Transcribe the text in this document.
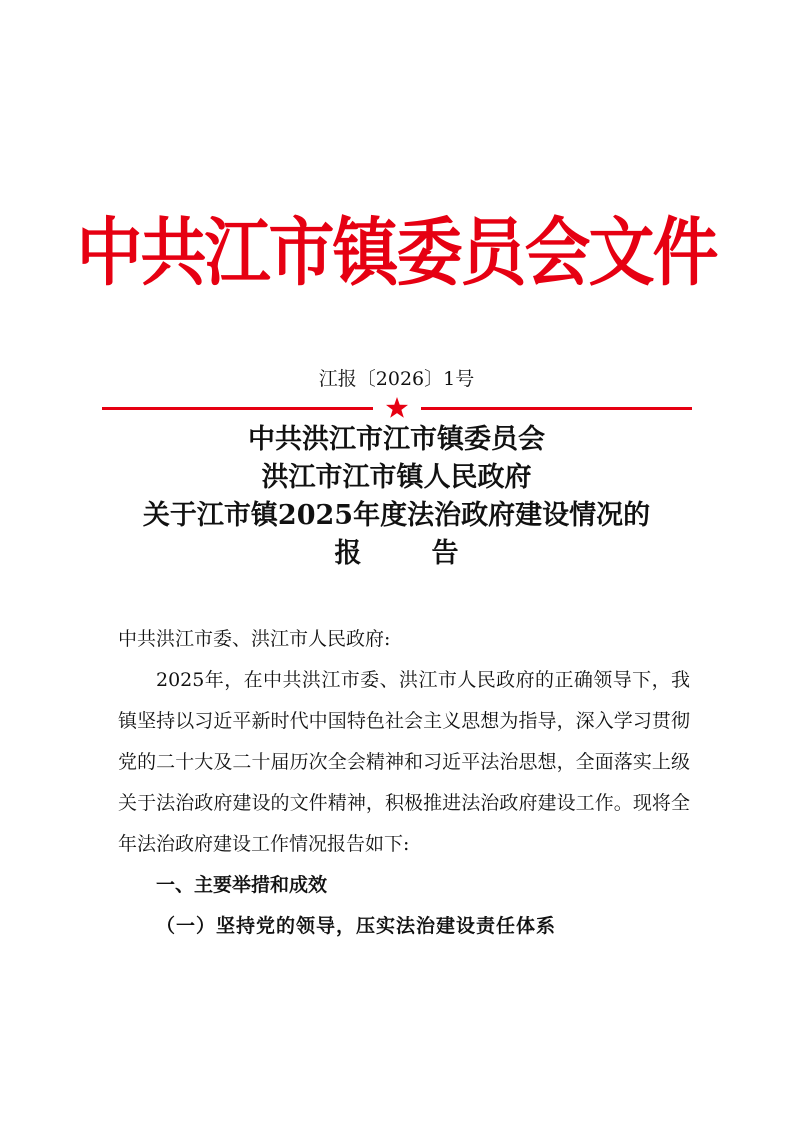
中共江市镇委员会文件
江报〔2026〕1号
中共洪江市江市镇委员会
洪江市江市镇人民政府
关于江市镇2025年度法治政府建设情况的
报	告

中共洪江市委、洪江市人民政府:

2025年，在中共洪江市委、洪江市人民政府的正确领导下，我镇坚持以习近平新时代中国特色社会主义思想为指导，深入学习贯彻党的二十大及二十届历次全会精神和习近平法治思想，全面落实上级关于法治政府建设的文件精神，积极推进法治政府建设工作。现将全年法治政府建设工作情况报告如下:

一、主要举措和成效

（一）坚持党的领导，压实法治建设责任体系
